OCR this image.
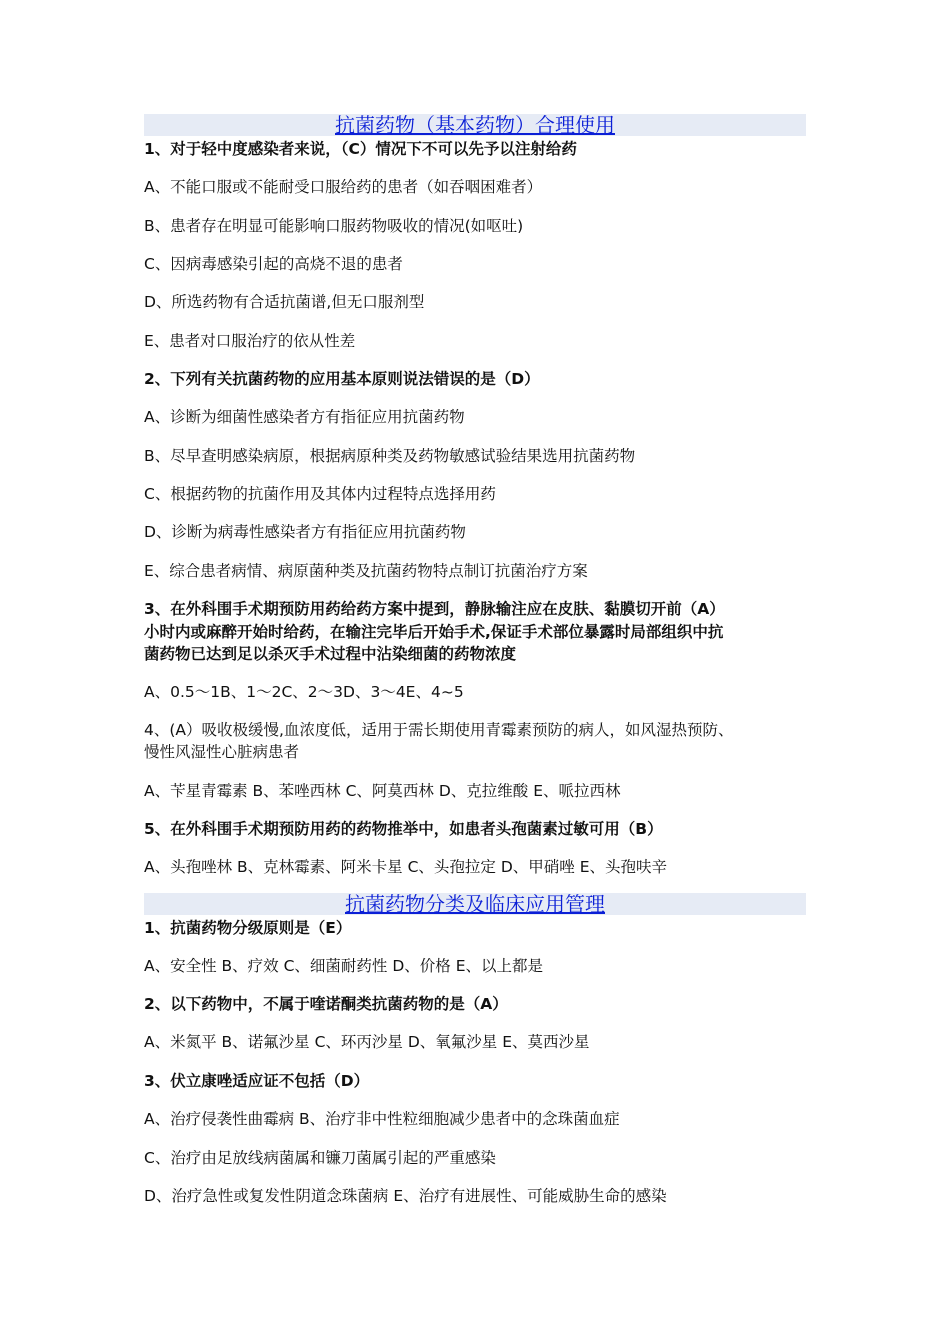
抗菌药物（基本药物）合理使用
1、对于轻中度感染者来说，（C）情况下不可以先予以注射给药
A、不能口服或不能耐受口服给药的患者（如吞咽困难者）
B、患者存在明显可能影响口服药物吸收的情况(如呕吐)
C、因病毒感染引起的高烧不退的患者
D、所选药物有合适抗菌谱,但无口服剂型
E、患者对口服治疗的依从性差
2、下列有关抗菌药物的应用基本原则说法错误的是（D）
A、诊断为细菌性感染者方有指征应用抗菌药物
B、尽早查明感染病原，根据病原种类及药物敏感试验结果选用抗菌药物
C、根据药物的抗菌作用及其体内过程特点选择用药
D、诊断为病毒性感染者方有指征应用抗菌药物
E、综合患者病情、病原菌种类及抗菌药物特点制订抗菌治疗方案
3、在外科围手术期预防用药给药方案中提到，静脉输注应在皮肤、黏膜切开前（A）
小时内或麻醉开始时给药，在输注完毕后开始手术,保证手术部位暴露时局部组织中抗
菌药物已达到足以杀灭手术过程中沾染细菌的药物浓度
A、0.5～1B、1～2C、2～3D、3～4E、4~5
4、(A）吸收极缓慢,血浓度低，适用于需长期使用青霉素预防的病人，如风湿热预防、
慢性风湿性心脏病患者
A、苄星青霉素 B、苯唑西林 C、阿莫西林 D、克拉维酸 E、哌拉西林
5、在外科围手术期预防用药的药物推举中，如患者头孢菌素过敏可用（B）
A、头孢唑林 B、克林霉素、阿米卡星 C、头孢拉定 D、甲硝唑 E、头孢呋辛
抗菌药物分类及临床应用管理
1、抗菌药物分级原则是（E）
A、安全性 B、疗效 C、细菌耐药性 D、价格 E、以上都是
2、以下药物中，不属于喹诺酮类抗菌药物的是（A）
A、米氮平 B、诺氟沙星 C、环丙沙星 D、氧氟沙星 E、莫西沙星
3、伏立康唑适应证不包括（D）
A、治疗侵袭性曲霉病 B、治疗非中性粒细胞减少患者中的念珠菌血症
C、治疗由足放线病菌属和镰刀菌属引起的严重感染
D、治疗急性或复发性阴道念珠菌病 E、治疗有进展性、可能威胁生命的感染
